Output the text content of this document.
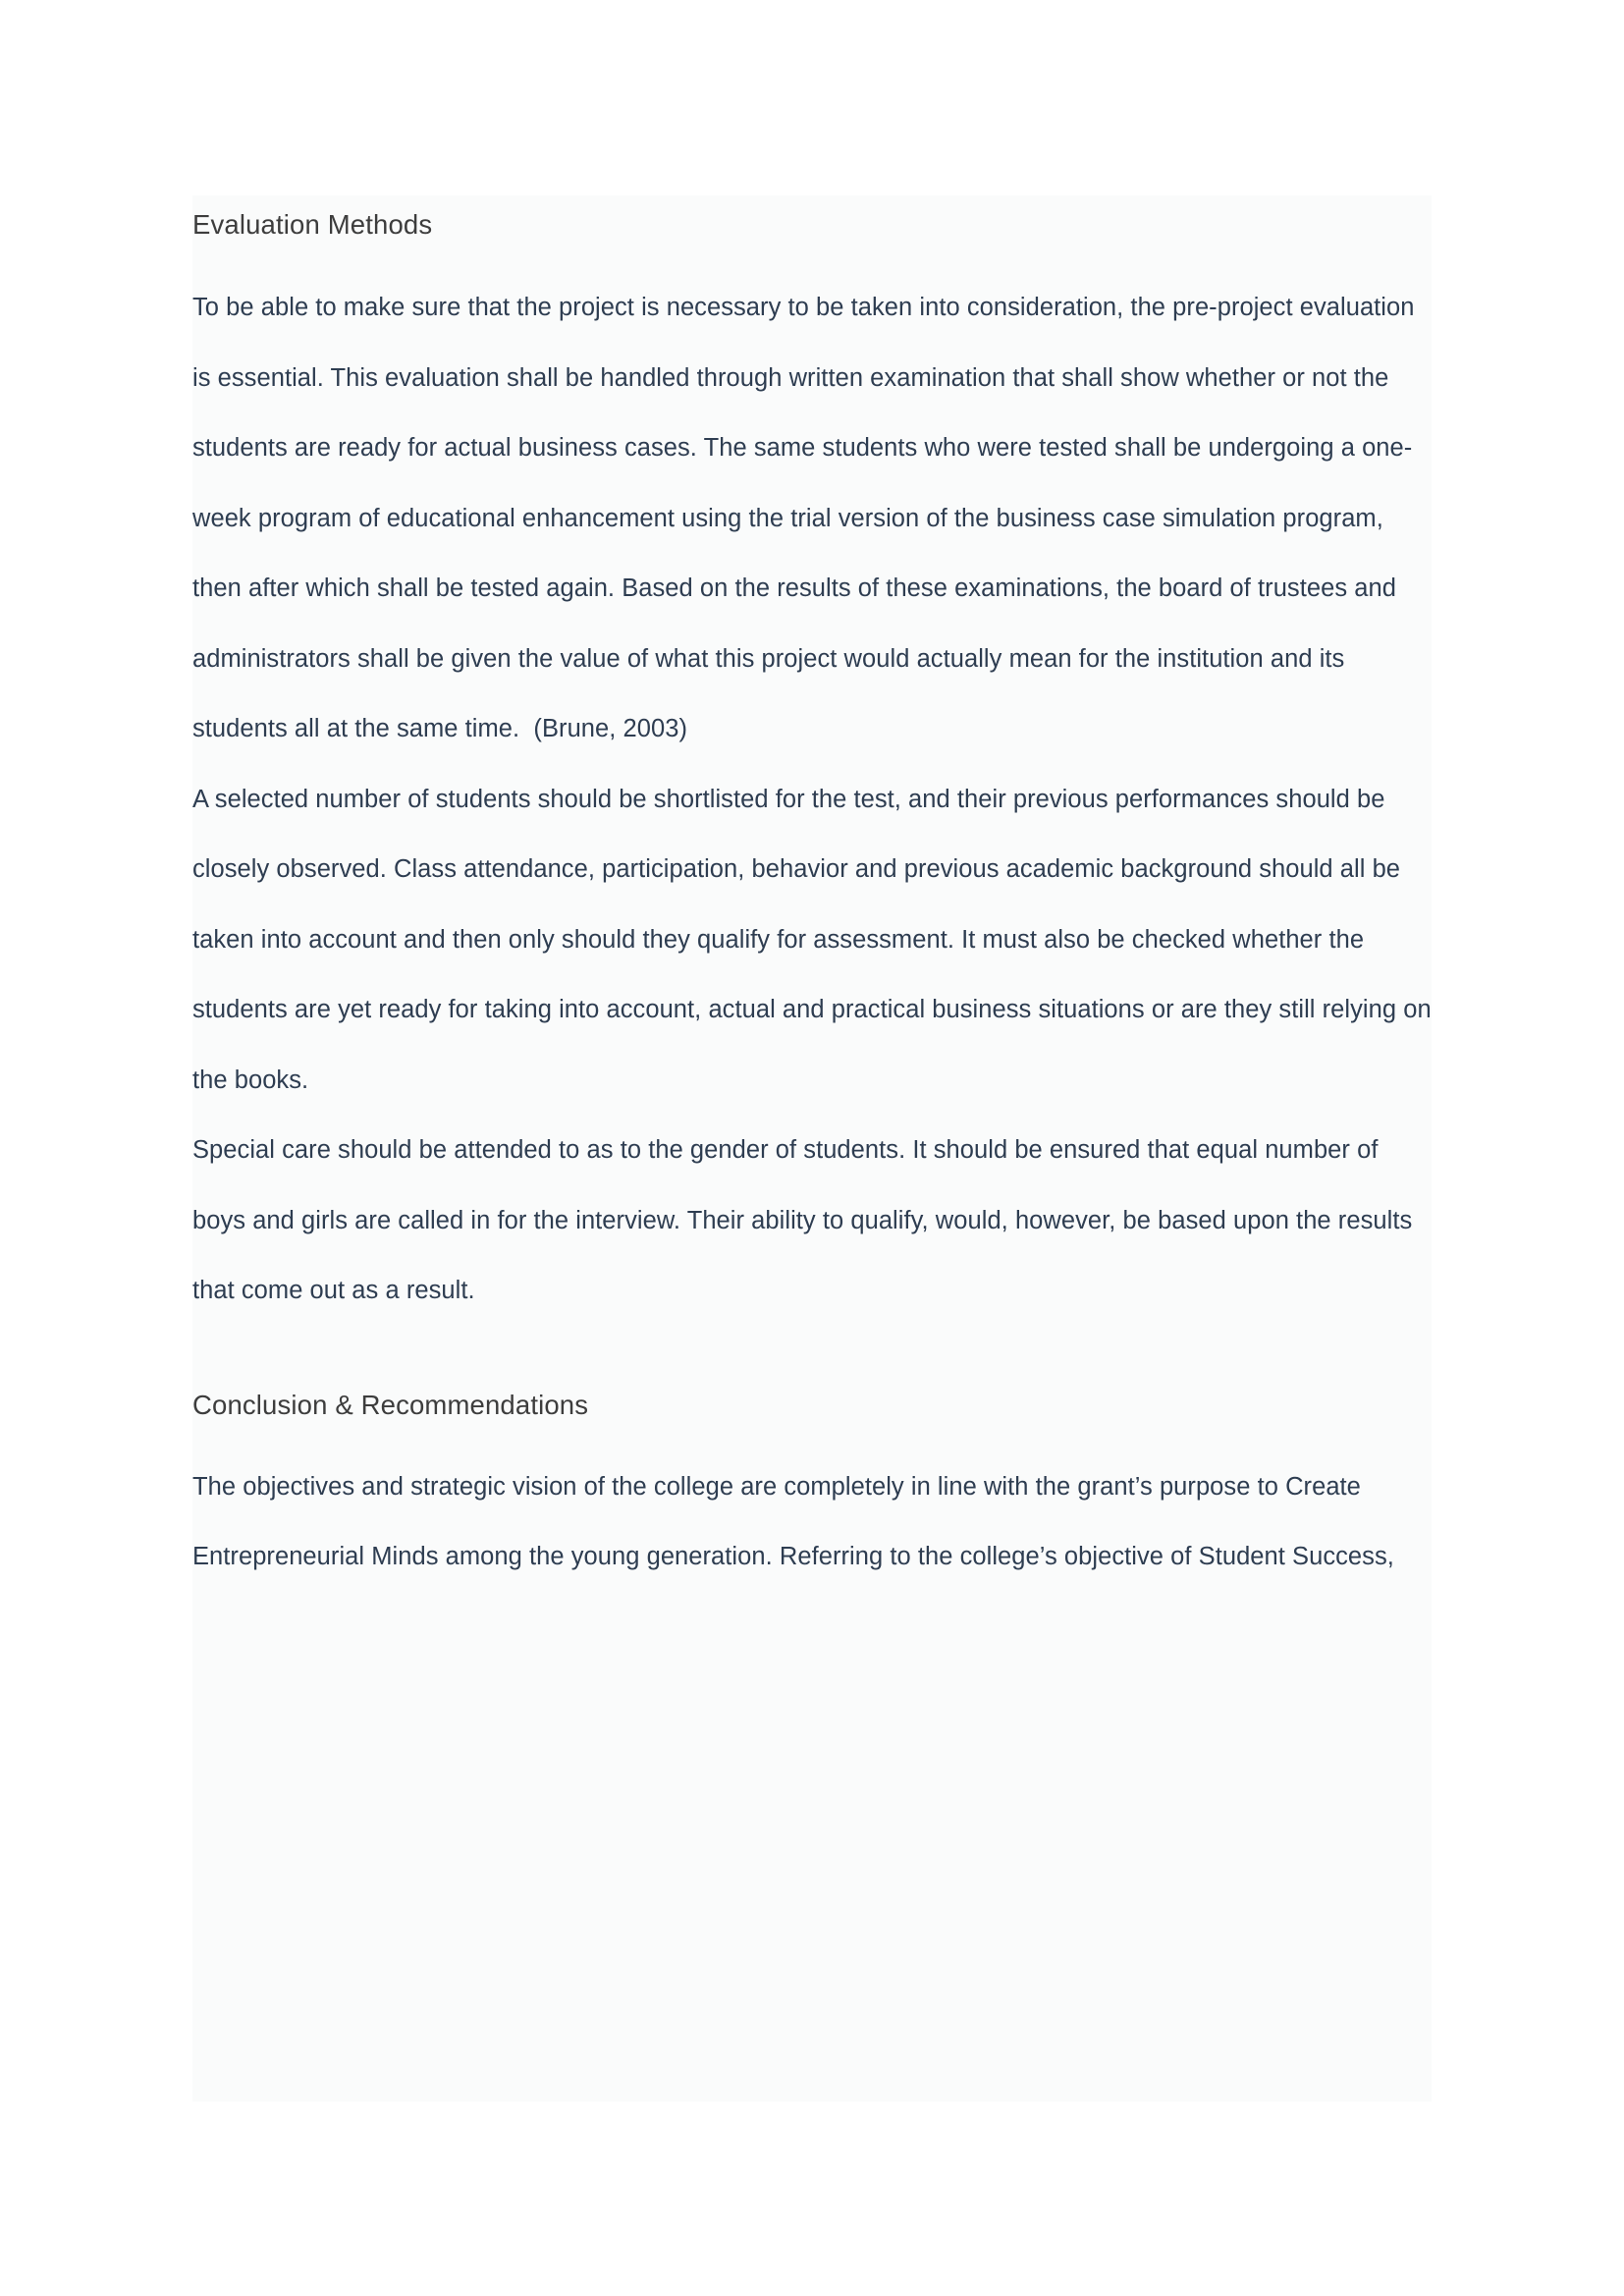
Evaluation Methods

To be able to make sure that the project is necessary to be taken into consideration, the pre-project evaluation is essential. This evaluation shall be handled through written examination that shall show whether or not the students are ready for actual business cases. The same students who were tested shall be undergoing a one-week program of educational enhancement using the trial version of the business case simulation program, then after which shall be tested again. Based on the results of these examinations, the board of trustees and administrators shall be given the value of what this project would actually mean for the institution and its students all at the same time.  (Brune, 2003)

A selected number of students should be shortlisted for the test, and their previous performances should be closely observed. Class attendance, participation, behavior and previous academic background should all be taken into account and then only should they qualify for assessment. It must also be checked whether the students are yet ready for taking into account, actual and practical business situations or are they still relying on the books.

Special care should be attended to as to the gender of students. It should be ensured that equal number of boys and girls are called in for the interview. Their ability to qualify, would, however, be based upon the results that come out as a result.

Conclusion & Recommendations

The objectives and strategic vision of the college are completely in line with the grant’s purpose to Create Entrepreneurial Minds among the young generation. Referring to the college’s objective of Student Success,
